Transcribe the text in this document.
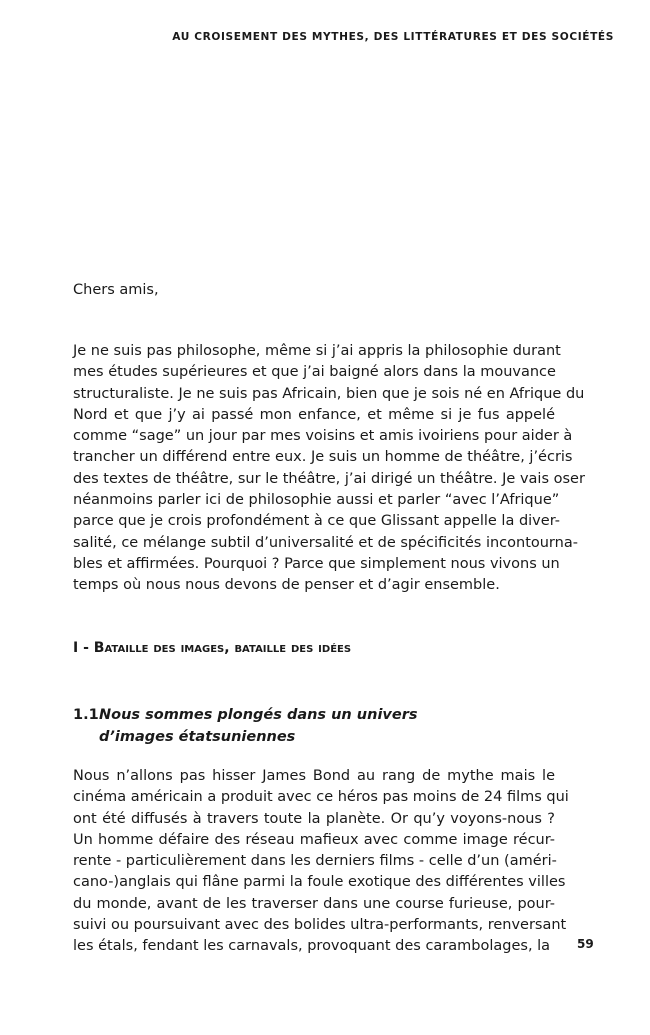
AU CROISEMENT DES MYTHES, DES LITTÉRATURES ET DES SOCIÉTÉS
Chers amis,
Je ne suis pas philosophe, même si j’ai appris la philosophie durant
mes études supérieures et que j’ai baigné alors dans la mouvance
structuraliste. Je ne suis pas Africain, bien que je sois né en Afrique du
Nord et que j’y ai passé mon enfance, et même si je fus appelé
comme “sage” un jour par mes voisins et amis ivoiriens pour aider à
trancher un différend entre eux. Je suis un homme de théâtre, j’écris
des textes de théâtre, sur le théâtre, j’ai dirigé un théâtre. Je vais oser
néanmoins parler ici de philosophie aussi et parler “avec l’Afrique”
parce que je crois profondément à ce que Glissant appelle la diver-
salité, ce mélange subtil d’universalité et de spécificités incontourna-
bles et affirmées. Pourquoi ? Parce que simplement nous vivons un
temps où nous nous devons de penser et d’agir ensemble.
I - Bataille des images, bataille des idées
1.1Nous sommes plongés dans un univers
d’images étatsuniennes
Nous n’allons pas hisser James Bond au rang de mythe mais le
cinéma américain a produit avec ce héros pas moins de 24 films qui
ont été diffusés à travers toute la planète. Or qu’y voyons-nous ?
Un homme défaire des réseau mafieux avec comme image récur-
rente - particulièrement dans les derniers films - celle d’un (améri-
cano-)anglais qui flâne parmi la foule exotique des différentes villes
du monde, avant de les traverser dans une course furieuse, pour-
suivi ou poursuivant avec des bolides ultra-performants, renversant
les étals, fendant les carnavals, provoquant des carambolages, la	59
